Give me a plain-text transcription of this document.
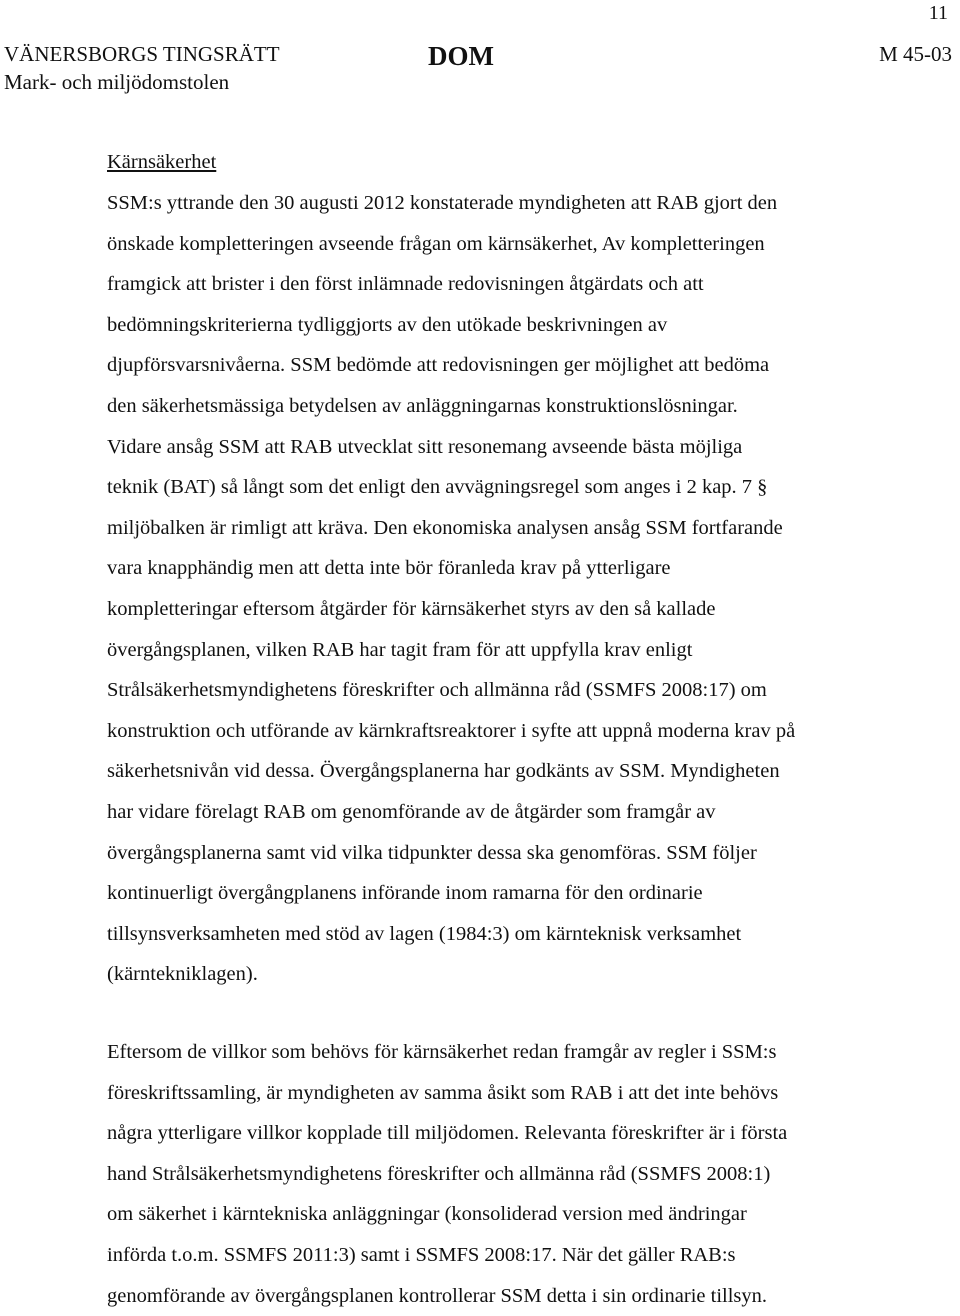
11
VÄNERSBORGS TINGSRÄTT
Mark- och miljödomstolen
DOM	M 45-03
Kärnsäkerhet
SSM:s yttrande den 30 augusti 2012 konstaterade myndigheten att RAB gjort den
önskade kompletteringen avseende frågan om kärnsäkerhet, Av kompletteringen
framgick att brister i den först inlämnade redovisningen åtgärdats och att
bedömningskriterierna tydliggjorts av den utökade beskrivningen av
djupförsvarsnivåerna. SSM bedömde att redovisningen ger möjlighet att bedöma
den säkerhetsmässiga betydelsen av anläggningarnas konstruktionslösningar.
Vidare ansåg SSM att RAB utvecklat sitt resonemang avseende bästa möjliga
teknik (BAT) så långt som det enligt den avvägningsregel som anges i 2 kap. 7 §
miljöbalken är rimligt att kräva. Den ekonomiska analysen ansåg SSM fortfarande
vara knapphändig men att detta inte bör föranleda krav på ytterligare
kompletteringar eftersom åtgärder för kärnsäkerhet styrs av den så kallade
övergångsplanen, vilken RAB har tagit fram för att uppfylla krav enligt
Strålsäkerhetsmyndighetens föreskrifter och allmänna råd (SSMFS 2008:17) om
konstruktion och utförande av kärnkraftsreaktorer i syfte att uppnå moderna krav på
säkerhetsnivån vid dessa. Övergångsplanerna har godkänts av SSM. Myndigheten
har vidare förelagt RAB om genomförande av de åtgärder som framgår av
övergångsplanerna samt vid vilka tidpunkter dessa ska genomföras. SSM följer
kontinuerligt övergångplanens införande inom ramarna för den ordinarie
tillsynsverksamheten med stöd av lagen (1984:3) om kärnteknisk verksamhet
(kärntekniklagen).
Eftersom de villkor som behövs för kärnsäkerhet redan framgår av regler i SSM:s
föreskriftssamling, är myndigheten av samma åsikt som RAB i att det inte behövs
några ytterligare villkor kopplade till miljödomen. Relevanta föreskrifter är i första
hand Strålsäkerhetsmyndighetens föreskrifter och allmänna råd (SSMFS 2008:1)
om säkerhet i kärntekniska anläggningar (konsoliderad version med ändringar
införda t.o.m. SSMFS 2011:3) samt i SSMFS 2008:17. När det gäller RAB:s
genomförande av övergångsplanen kontrollerar SSM detta i sin ordinarie tillsyn.
